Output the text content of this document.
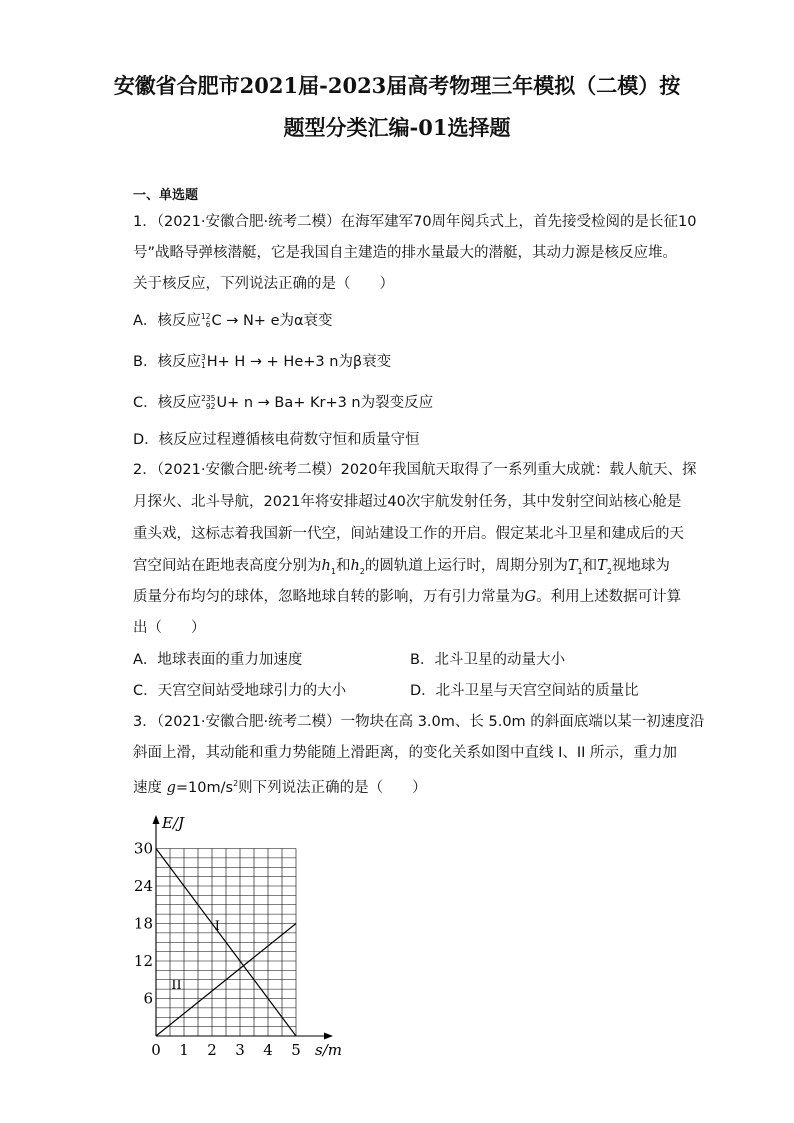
安徽省合肥市2021届-2023届高考物理三年模拟（二模）按
题型分类汇编-01选择题
一、单选题
1．（2021·安徽合肥·统考二模）在海军建军70周年阅兵式上，首先接受检阅的是长征10
号”战略导弹核潜艇，它是我国自主建造的排水量最大的潜艇，其动力源是核反应堆。
关于核反应，下列说法正确的是（　　）
A．核反应 12
6 C → N+ e为α衰变
B．核反应 3
1 H+ H → + He+3 n为β衰变
C．核反应 235
92 U+ n → Ba+ Kr+3 n为裂变反应
D．核反应过程遵循核电荷数守恒和质量守恒
2．（2021·安徽合肥·统考二模）2020年我国航天取得了一系列重大成就：载人航天、探
月探火、北斗导航，2021年将安排超过40次宇航发射任务，其中发射空间站核心舱是
重头戏，这标志着我国新一代空，间站建设工作的开启。假定某北斗卫星和建成后的天
宫空间站在距地表高度分别为$h_1$和$h_2$的圆轨道上运行时，周期分别为$T_1$和$T_2$视地球为
质量分布均匀的球体，忽略地球自转的影响，万有引力常量为G。利用上述数据可计算
出（　　）
A．地球表面的重力加速度	B．北斗卫星的动量大小
C．天宫空间站受地球引力的大小	D．北斗卫星与天宫空间站的质量比
3．（2021·安徽合肥·统考二模）一物块在高 3.0m、长 5.0m 的斜面底端以某一初速度沿
斜面上滑，其动能和重力势能随上滑距离，的变化关系如图中直线 I、II 所示，重力加
速度 $g=10m/s^2$则下列说法正确的是（　　）
I
II
0 1 2 3 4 5
6
12
18
24
30
E/J
s/m
